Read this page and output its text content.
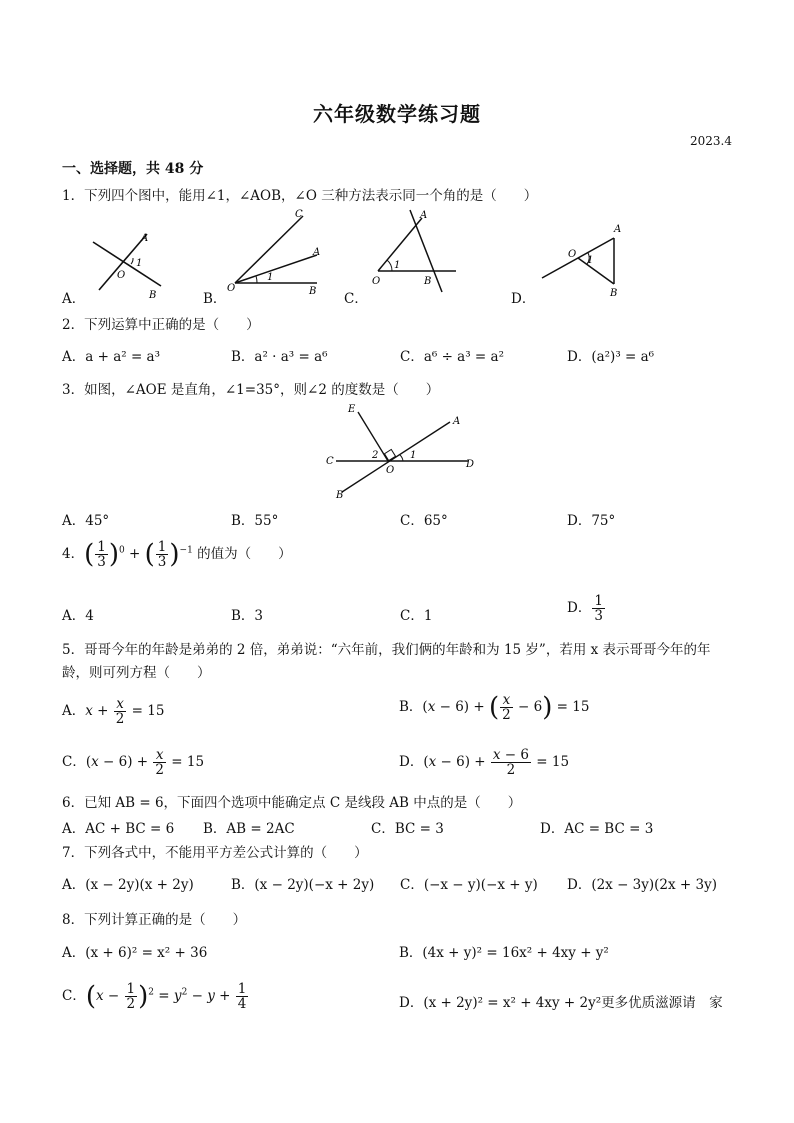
六年级数学练习题
2023.4
一、选择题，共 48 分
1．下列四个图中，能用∠1，∠AOB，∠O 三种方法表示同一个角的是（　　）
A
O
1
B
A．
C
A
1
O	B
B．
A
1
O	B
C．
A
O
1
B
D．
2．下列运算中正确的是（　　）
A．a + a² = a³	B．a² · a³ = a⁶	C．a⁶ ÷ a³ = a²	D．(a²)³ = a⁶
3．如图，∠AOE 是直角，∠1=35°，则∠2 的度数是（　　）
E
A
C
2	1
O
D
B
A．45°	B．55°	C．65°	D．75°
4．( $\frac{1}{3} )^0$ + ( $\frac{1}{3} )^{-1}$ 的值为（　　）
A．4	B．3	C．1	D． $\frac{1}{3}$
5．哥哥今年的年龄是弟弟的 2 倍，弟弟说：“六年前，我们俩的年龄和为 15 岁”，若用 x 表示哥哥今年的年
龄，则可列方程（　　）
A．$x + \frac{x}{2} = 15$	B．(x − 6) + ( $\frac{x}{2} - 6) = 15$
C．$(x - 6) + \frac{x}{2} = 15$	D．$(x - 6) + \frac{x - 6}{2} = 15$
6．已知 AB = 6，下面四个选项中能确定点 C 是线段 AB 中点的是（　　）
A．AC + BC = 6 B．AB = 2AC	C．BC = 3	D．AC = BC = 3
7．下列各式中，不能用平方差公式计算的（　　）
A．(x − 2y)(x + 2y)	B．(x − 2y)(−x + 2y) C．(−x − y)(−x + y) D．(2x − 3y)(2x + 3y)
8．下列计算正确的是（　　）
A．(x + 6)² = x² + 36	B．(4x + y)² = 16x² + 4xy + y²
C．$(x - \frac{1}{2} )^2 = y^2 - y + \frac{1}{4}$	D．(x + 2y)² = x² + 4xy + 2y²更多优质滋源请　家
